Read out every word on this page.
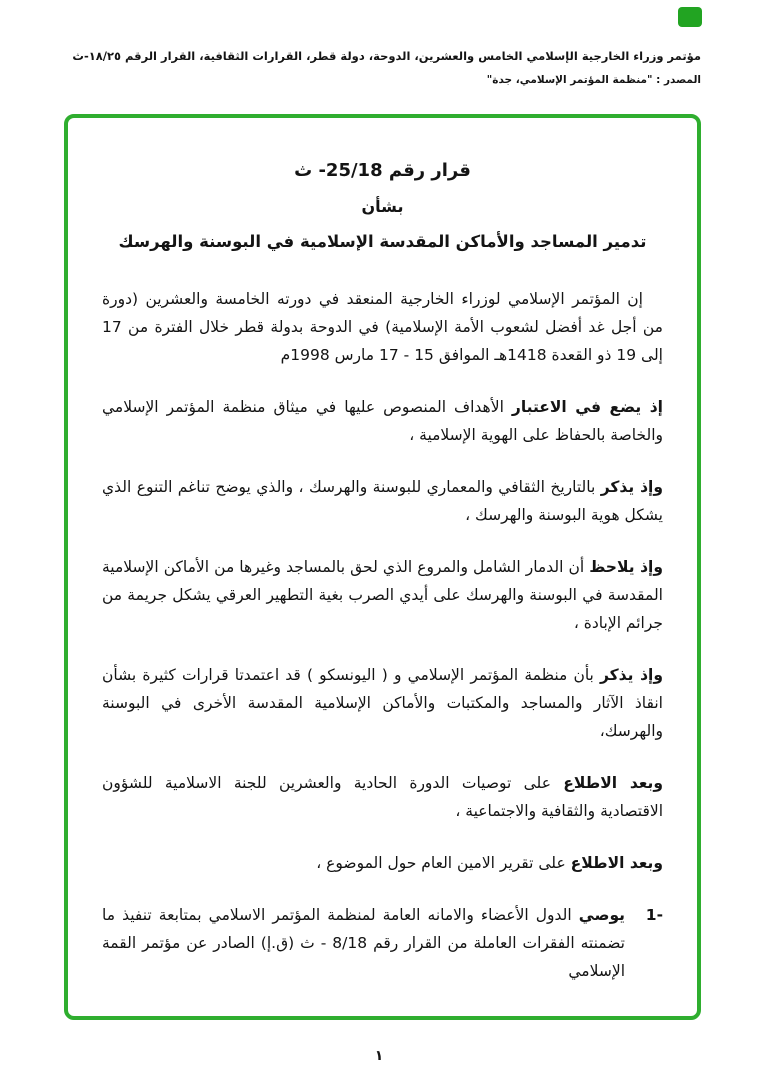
مؤتمر وزراء الخارجية الإسلامي الخامس والعشرين، الدوحة، دولة قطر، القرارات الثقافية، القرار الرقم ١٨/٢٥-ث
المصدر : "منظمة المؤتمر الإسلامي، جدة"
قرار رقم 25/18- ث
بشأن
تدمير المساجد والأماكن المقدسة الإسلامية في البوسنة والهرسك

إن المؤتمر الإسلامي لوزراء الخارجية المنعقد في دورته الخامسة والعشرين (دورة من أجل غد أفضل لشعوب الأمة الإسلامية) في الدوحة بدولة قطر خلال الفترة من 17 إلى 19 ذو القعدة 1418هـ الموافق 15 - 17 مارس 1998م

إذ يضع في الاعتبار الأهداف المنصوص عليها في ميثاق منظمة المؤتمر الإسلامي والخاصة بالحفاظ على الهوية الإسلامية ،

وإذ يذكر بالتاريخ الثقافي والمعماري للبوسنة والهرسك ، والذي يوضح تناغم التنوع الذي يشكل هوية البوسنة والهرسك ،

وإذ يلاحظ أن الدمار الشامل والمروع الذي لحق بالمساجد وغيرها من الأماكن الإسلامية المقدسة في البوسنة والهرسك على أيدي الصرب بغية التطهير العرقي يشكل جريمة من جرائم الإبادة ،

وإذ يذكر بأن منظمة المؤتمر الإسلامي و ( اليونسكو ) قد اعتمدتا قرارات كثيرة بشأن انقاذ الآثار والمساجد والمكتبات والأماكن الإسلامية المقدسة الأخرى في البوسنة والهرسك،

وبعد الاطلاع على توصيات الدورة الحادية والعشرين للجنة الاسلامية للشؤون الاقتصادية والثقافية والاجتماعية ،

وبعد الاطلاع على تقرير الامين العام حول الموضوع ،

-1
يوصي الدول الأعضاء والامانه العامة لمنظمة المؤتمر الاسلامي بمتابعة تنفيذ ما تضمنته الفقرات العاملة من القرار رقم 8/18 - ث (ق.إ) الصادر عن مؤتمر القمة الإسلامي
١
